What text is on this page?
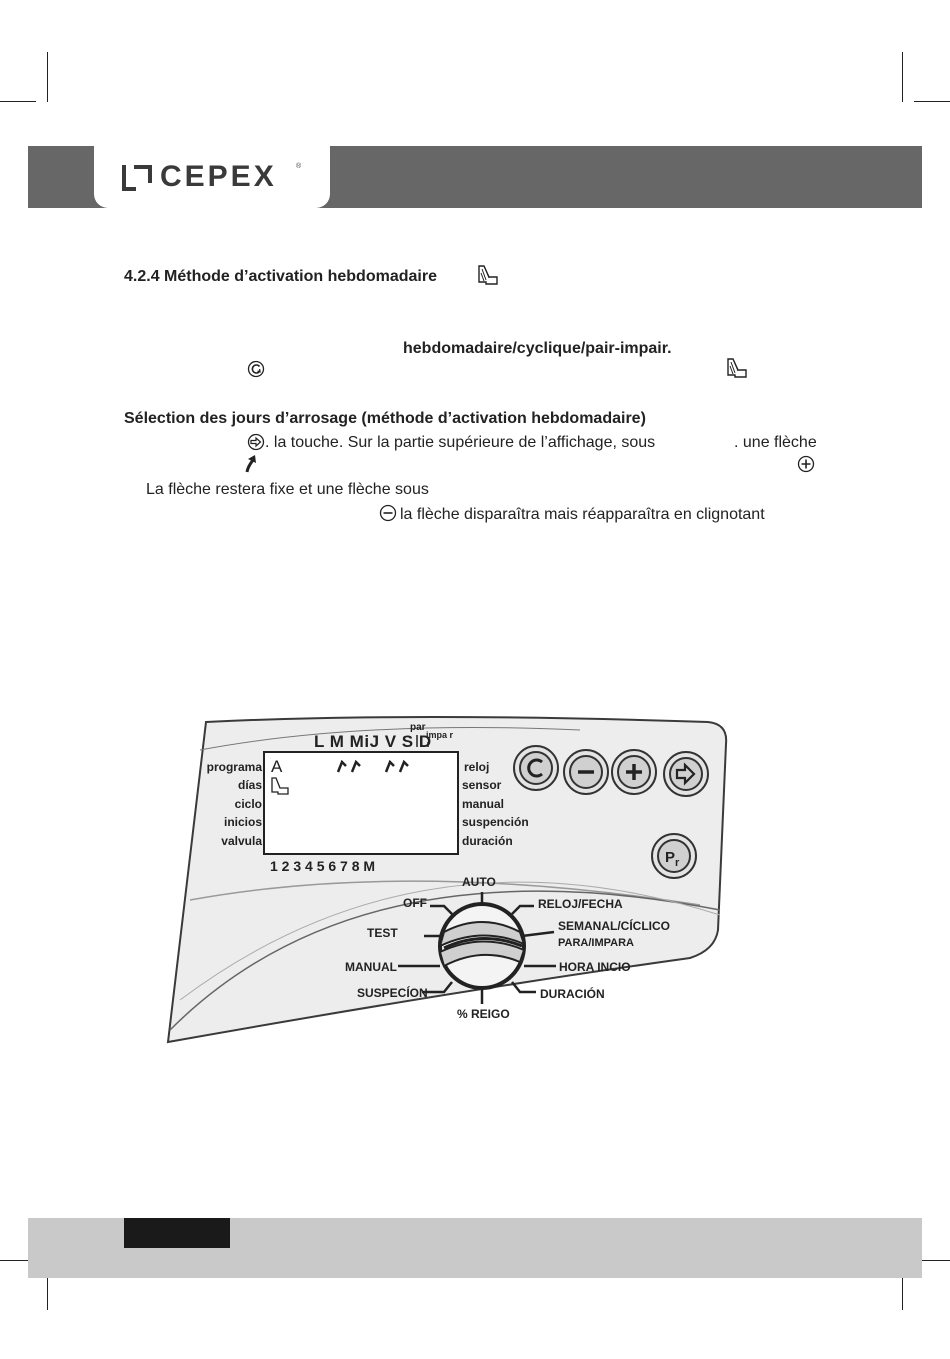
CEPEX	®
4.2.4 Méthode d’activation hebdomadaire
hebdomadaire/cyclique/pair-impair.
Sélection des jours d’arrosage (méthode d’activation hebdomadaire)
. la touche. Sur la partie supérieure de l’affichage, sous	. une flèche
La flèche restera fixe et une flèche sous
la flèche disparaîtra mais réapparaîtra en clignotant
L M MiJ V S D
par
impa r
A
programa
días
ciclo
inicios
valvula
reloj
sensor
manual
suspención
duración
1 2 3 4 5 6 7 8 M	P r
AUTO
OFF	RELOJ/FECHA
SEMANAL/CÍCLICO
PARA/IMPARA
TEST
MANUAL	HORA INCIO
SUSPECÍON	DURACIÓN
% REIGO
